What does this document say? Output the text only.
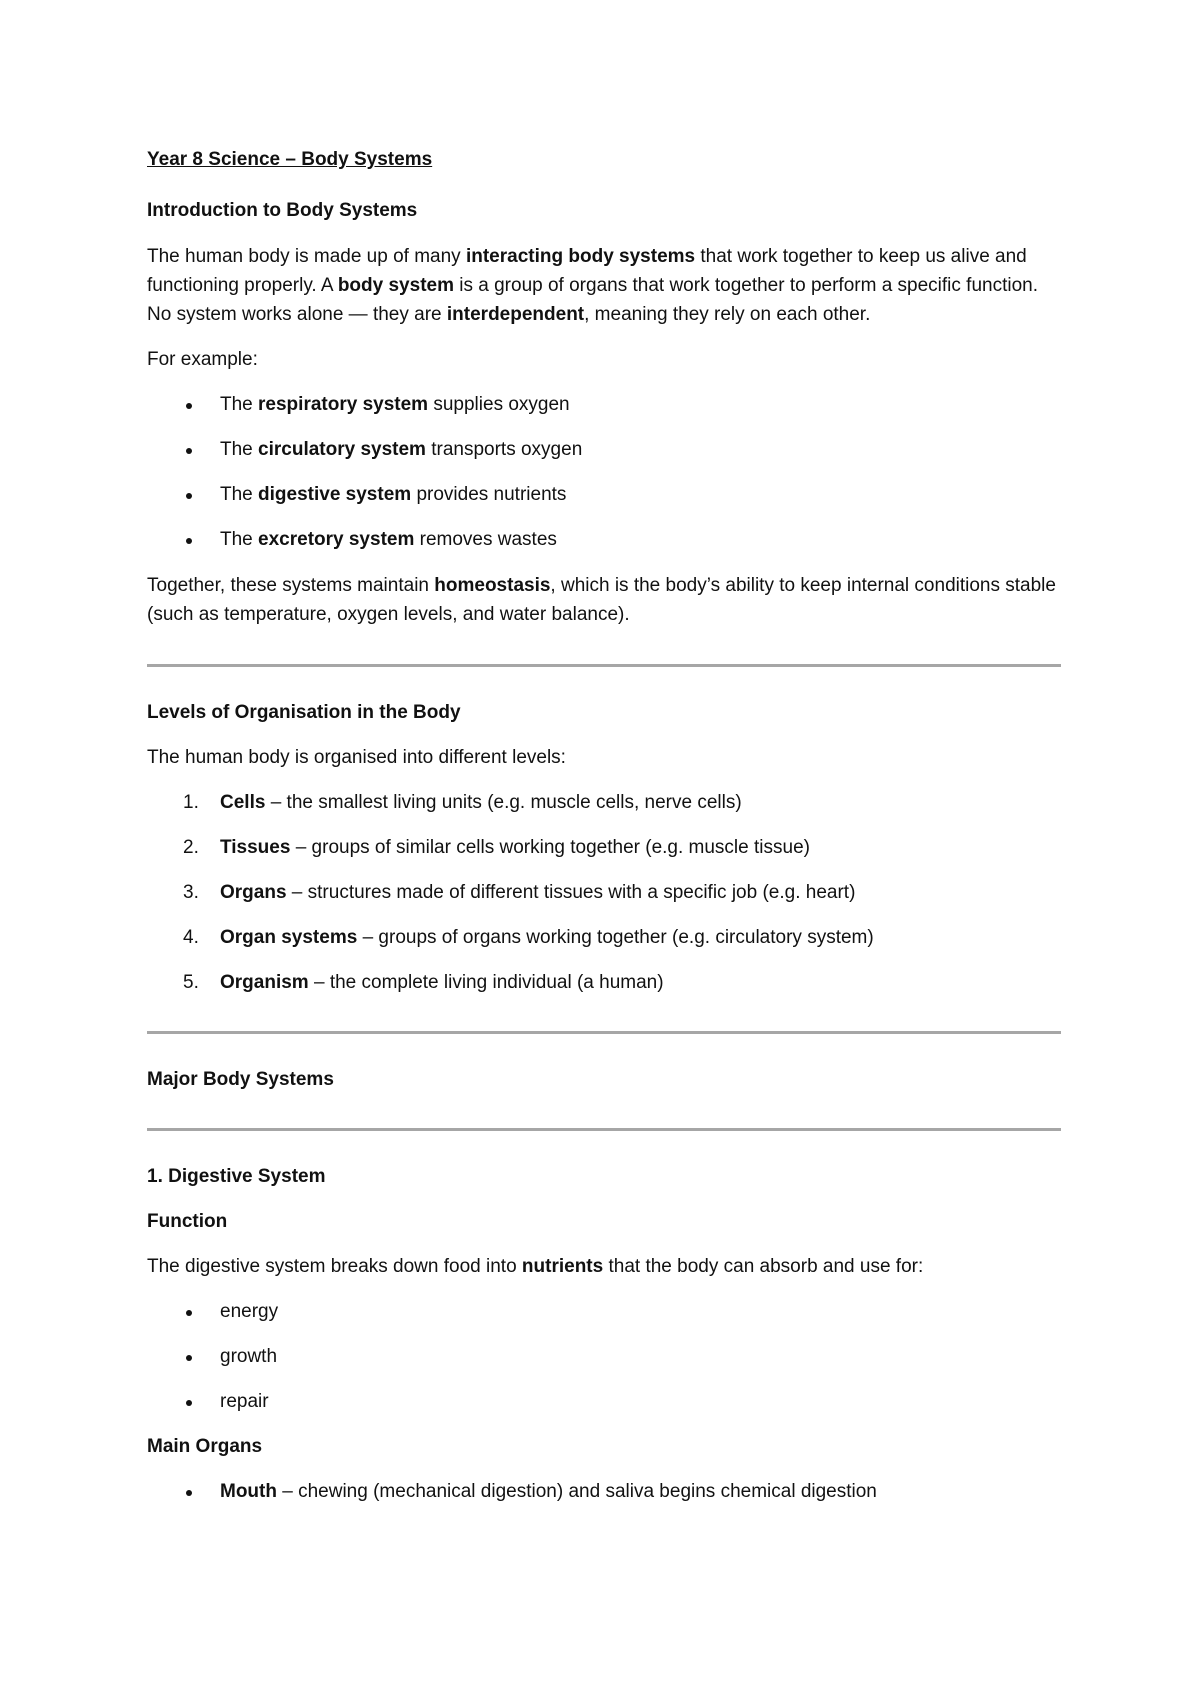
Year 8 Science – Body Systems
Introduction to Body Systems
The human body is made up of many interacting body systems that work together to keep us alive and functioning properly. A body system is a group of organs that work together to perform a specific function. No system works alone — they are interdependent, meaning they rely on each other.
For example:
The respiratory system supplies oxygen
The circulatory system transports oxygen
The digestive system provides nutrients
The excretory system removes wastes
Together, these systems maintain homeostasis, which is the body’s ability to keep internal conditions stable (such as temperature, oxygen levels, and water balance).
Levels of Organisation in the Body
The human body is organised into different levels:
1. Cells – the smallest living units (e.g. muscle cells, nerve cells)
2. Tissues – groups of similar cells working together (e.g. muscle tissue)
3. Organs – structures made of different tissues with a specific job (e.g. heart)
4. Organ systems – groups of organs working together (e.g. circulatory system)
5. Organism – the complete living individual (a human)
Major Body Systems
1. Digestive System
Function
The digestive system breaks down food into nutrients that the body can absorb and use for:
energy
growth
repair
Main Organs
Mouth – chewing (mechanical digestion) and saliva begins chemical digestion
